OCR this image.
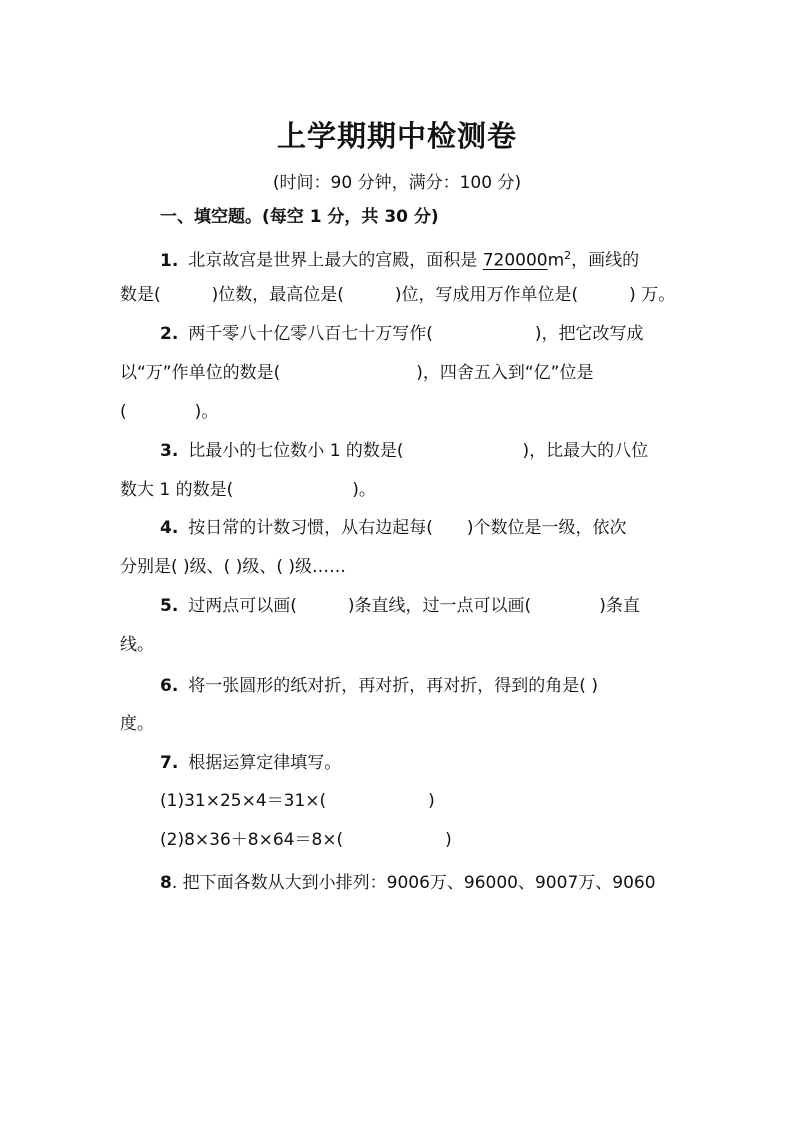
上学期期中检测卷
(时间：90 分钟，满分：100 分)
一、填空题。(每空 1 分，共 30 分)
1. 北京故宫是世界上最大的宫殿，面积是 $720000m^2$，画线的
数是(　　　)位数，最高位是(　　　)位，写成用万作单位是(　　　) 万。
2. 两千零八十亿零八百七十万写作(　　　　　　)，把它改写成
以“万”作单位的数是(　　　　　　　　)，四舍五入到“亿”位是
(　　　　)。
3. 比最小的七位数小 1 的数是(　　　　　　　)，比最大的八位
数大 1 的数是(　　　　　　　)。
4. 按日常的计数习惯，从右边起每(　　)个数位是一级，依次
分别是( )级、( )级、( )级……
5. 过两点可以画(　　　)条直线，过一点可以画(　　　　)条直
线。
6. 将一张圆形的纸对折，再对折，再对折，得到的角是( )
度。
7. 根据运算定律填写。
(1)31×25×4＝31×(　　　　　　)
(2)8×36＋8×64＝8×(　　　　　　)
8. 把下面各数从大到小排列：9006万、96000、9007万、9060
